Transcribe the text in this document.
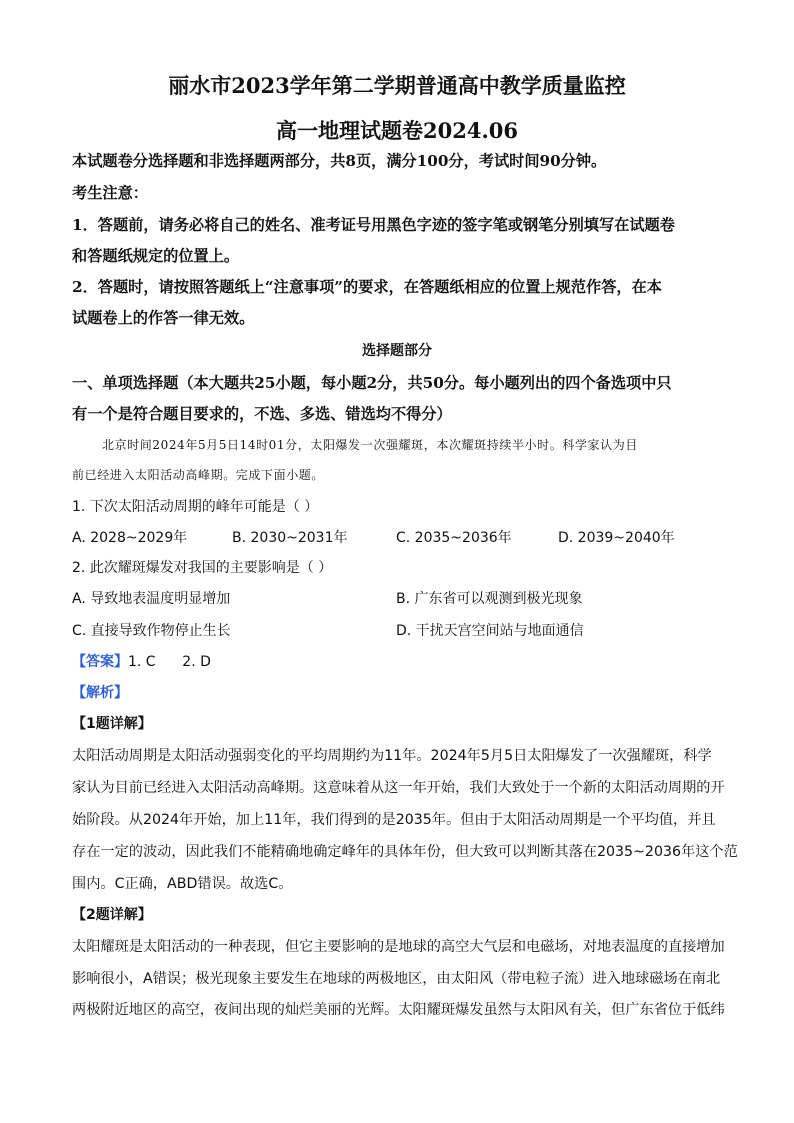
丽水市2023学年第二学期普通高中教学质量监控
高一地理试题卷2024.06
本试题卷分选择题和非选择题两部分，共8页，满分100分，考试时间90分钟。
考生注意：
1．答题前，请务必将自己的姓名、准考证号用黑色字迹的签字笔或钢笔分别填写在试题卷
和答题纸规定的位置上。
2．答题时，请按照答题纸上“注意事项”的要求，在答题纸相应的位置上规范作答，在本
试题卷上的作答一律无效。
选择题部分
一、单项选择题（本大题共25小题，每小题2分，共50分。每小题列出的四个备选项中只
有一个是符合题目要求的，不选、多选、错选均不得分）
北京时间2024年5月5日14时01分，太阳爆发一次强耀斑，本次耀斑持续半小时。科学家认为目
前已经进入太阳活动高峰期。完成下面小题。
1. 下次太阳活动周期的峰年可能是（ ）
A. 2028~2029年	B. 2030~2031年	C. 2035~2036年	D. 2039~2040年
2. 此次耀斑爆发对我国的主要影响是（ ）
A. 导致地表温度明显增加	B. 广东省可以观测到极光现象
C. 直接导致作物停止生长	D. 干扰天宫空间站与地面通信
【答案】1. C      2. D
【解析】
【1题详解】
太阳活动周期是太阳活动强弱变化的平均周期约为11年。2024年5月5日太阳爆发了一次强耀斑，科学
家认为目前已经进入太阳活动高峰期。这意味着从这一年开始，我们大致处于一个新的太阳活动周期的开
始阶段。从2024年开始，加上11年，我们得到的是2035年。但由于太阳活动周期是一个平均值，并且
存在一定的波动，因此我们不能精确地确定峰年的具体年份，但大致可以判断其落在2035~2036年这个范
围内。C正确，ABD错误。故选C。
【2题详解】
太阳耀斑是太阳活动的一种表现，但它主要影响的是地球的高空大气层和电磁场，对地表温度的直接增加
影响很小，A错误；极光现象主要发生在地球的两极地区，由太阳风（带电粒子流）进入地球磁场在南北
两极附近地区的高空，夜间出现的灿烂美丽的光辉。太阳耀斑爆发虽然与太阳风有关，但广东省位于低纬
